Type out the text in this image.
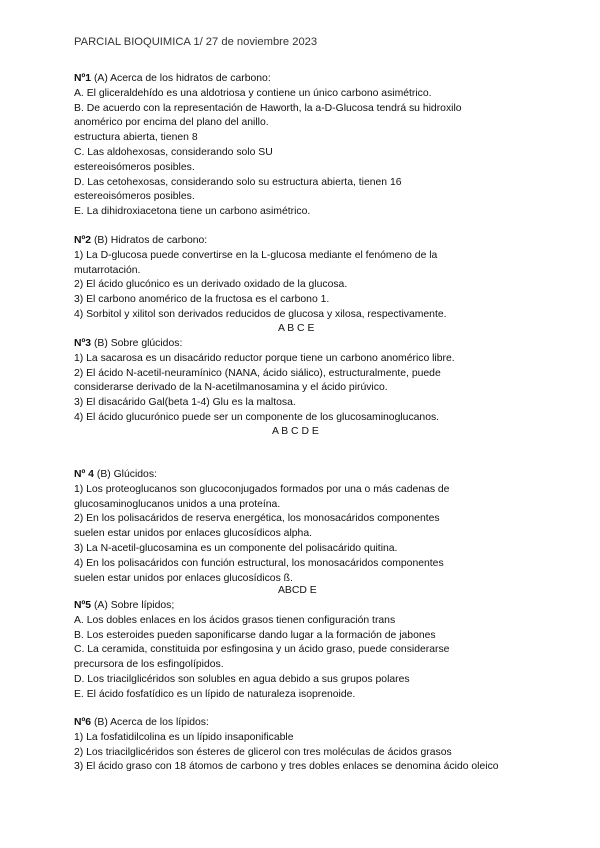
PARCIAL BIOQUIMICA 1/ 27 de noviembre 2023
Nº1 (A) Acerca de los hidratos de carbono:
A. El gliceraldehído es una aldotriosa y contiene un único carbono asimétrico.
B. De acuerdo con la representación de Haworth, la a-D-Glucosa tendrá su hidroxilo
anomérico por encima del plano del anillo.
estructura abierta, tienen 8
C. Las aldohexosas, considerando solo SU
estereoisómeros posibles.
D. Las cetohexosas, considerando solo su estructura abierta, tienen 16
estereoisómeros posibles.
E. La dihidroxiacetona tiene un carbono asimétrico.
Nº2 (B) Hidratos de carbono:
1) La D-glucosa puede convertirse en la L-glucosa mediante el fenómeno de la
mutarrotación.
2) El ácido glucónico es un derivado oxidado de la glucosa.
3) El carbono anomérico de la fructosa es el carbono 1.
4) Sorbitol y xilitol son derivados reducidos de glucosa y xilosa, respectivamente.
A B C E
Nº3 (B) Sobre glúcidos:
1) La sacarosa es un disacárido reductor porque tiene un carbono anomérico libre.
2) El ácido N-acetil-neuramínico (NANA, ácido siálico), estructuralmente, puede
considerarse derivado de la N-acetilmanosamina y el ácido pirúvico.
3) El disacárido Gal(beta 1-4) Glu es la maltosa.
4) El ácido glucurónico puede ser un componente de los glucosaminoglucanos.
A B C D E
Nº 4 (B) Glúcidos:
1) Los proteoglucanos son glucoconjugados formados por una o más cadenas de
glucosaminoglucanos unidos a una proteína.
2) En los polisacáridos de reserva energética, los monosacáridos componentes
suelen estar unidos por enlaces glucosídicos alpha.
3) La N-acetil-glucosamina es un componente del polisacárido quitina.
4) En los polisacáridos con función estructural, los monosacáridos componentes
suelen estar unidos por enlaces glucosídicos ß.
ABCD E
Nº5 (A) Sobre lípidos;
A. Los dobles enlaces en los ácidos grasos tienen configuración trans
B. Los esteroides pueden saponificarse dando lugar a la formación de jabones
C. La ceramida, constituida por esfingosina y un ácido graso, puede considerarse
precursora de los esfingolípidos.
D. Los triacilglicéridos son solubles en agua debido a sus grupos polares
E. El ácido fosfatídico es un lípido de naturaleza isoprenoide.
Nº6 (B) Acerca de los lípidos:
1) La fosfatidilcolina es un lípido insaponificable
2) Los triacilglicéridos son ésteres de glicerol con tres moléculas de ácidos grasos
3) El ácido graso con 18 átomos de carbono y tres dobles enlaces se denomina ácido oleico
